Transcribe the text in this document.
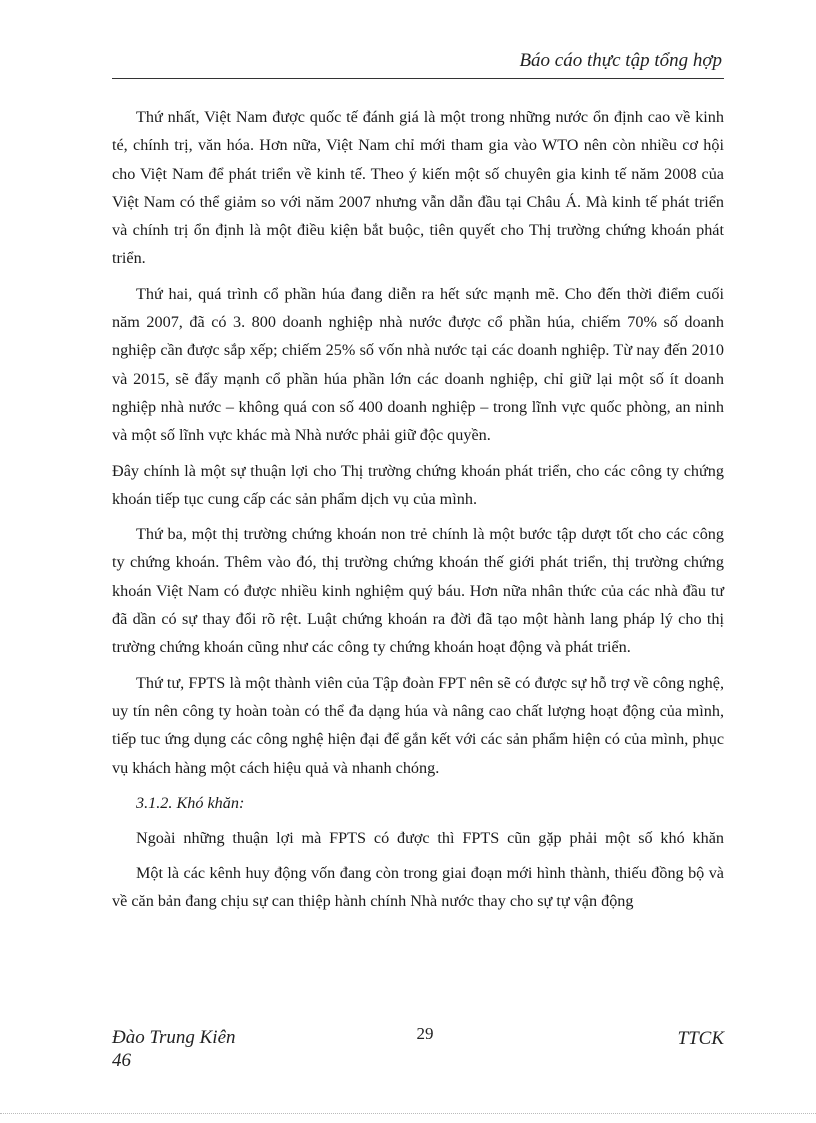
Báo cáo thực tập tổng hợp

Thứ nhất, Việt Nam được quốc tế đánh giá là một trong những nước ổn định cao về kinh té, chính trị, văn hóa. Hơn nữa, Việt Nam chỉ mới tham gia vào WTO nên còn nhiều cơ hội cho Việt Nam để phát triển về kinh tế. Theo ý kiến một số chuyên gia kinh tế năm 2008 của Việt Nam có thể giảm so với năm 2007 nhưng vẫn dẫn đầu tại Châu Á. Mà kinh tế phát triển và chính trị ổn định là một điều kiện bắt buộc, tiên quyết cho Thị trường chứng khoán phát triển.

Thứ hai, quá trình cổ phần húa đang diễn ra hết sức mạnh mẽ. Cho đến thời điểm cuối năm 2007, đã có 3. 800 doanh nghiệp nhà nước được cổ phần húa, chiếm 70% số doanh nghiệp cần được sắp xếp; chiếm 25% số vốn nhà nước tại các doanh nghiệp. Từ nay đến 2010 và 2015, sẽ đẩy mạnh cổ phần húa phần lớn các doanh nghiệp, chỉ giữ lại một số ít doanh nghiệp nhà nước – không quá con số 400 doanh nghiệp – trong lĩnh vực quốc phòng, an ninh và một số lĩnh vực khác mà Nhà nước phải giữ độc quyền.

Đây chính là một sự thuận lợi cho Thị trường chứng khoán phát triển, cho các công ty chứng khoán tiếp tục cung cấp các sản phẩm dịch vụ của mình.

Thứ ba, một thị trường chứng khoán non trẻ chính là một bước tập dượt tốt cho các công ty chứng khoán. Thêm vào đó, thị trường chứng khoán thế giới phát triển, thị trường chứng khoán Việt Nam có được nhiều kinh nghiệm quý báu. Hơn nữa nhân thức của các nhà đầu tư đã dần có sự thay đổi rõ rệt. Luật chứng khoán ra đời đã tạo một hành lang pháp lý cho thị trường chứng khoán cũng như các công ty chứng khoán hoạt động và phát triển.

Thứ tư, FPTS là một thành viên của Tập đoàn FPT nên sẽ có được sự hỗ trợ về công nghệ, uy tín nên công ty hoàn toàn có thể đa dạng húa và nâng cao chất lượng hoạt động của mình, tiếp tuc ứng dụng các công nghệ hiện đại để gắn kết với các sản phẩm hiện có của mình, phục vụ khách hàng một cách hiệu quả và nhanh chóng.

3.1.2. Khó khăn:

Ngoài những thuận lợi mà FPTS có được thì FPTS cũn gặp phải một số khó khăn

Một là các kênh huy động vốn đang còn trong giai đoạn mới hình thành, thiếu đồng bộ và về căn bản đang chịu sự can thiệp hành chính Nhà nước thay cho sự tự vận động

Đào Trung Kiên
46
29	TTCK
